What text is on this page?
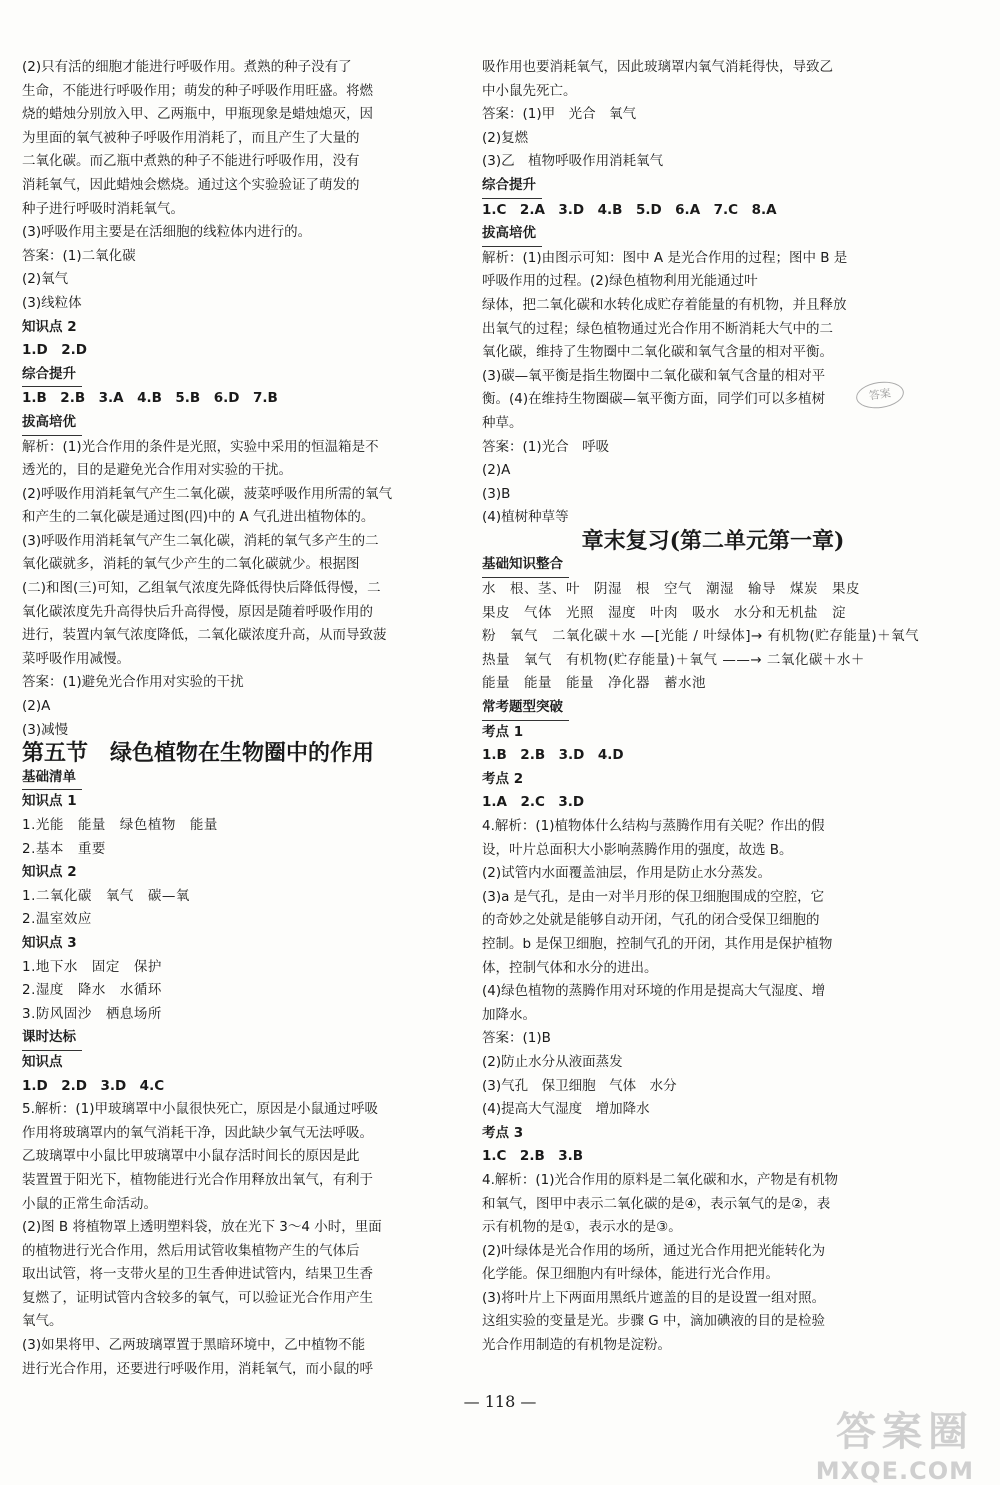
(2)只有活的细胞才能进行呼吸作用。煮熟的种子没有了
生命，不能进行呼吸作用；萌发的种子呼吸作用旺盛。将燃
烧的蜡烛分别放入甲、乙两瓶中，甲瓶现象是蜡烛熄灭，因
为里面的氧气被种子呼吸作用消耗了，而且产生了大量的
二氧化碳。而乙瓶中煮熟的种子不能进行呼吸作用，没有
消耗氧气，因此蜡烛会燃烧。通过这个实验验证了萌发的
种子进行呼吸时消耗氧气。
(3)呼吸作用主要是在活细胞的线粒体内进行的。
答案：(1)二氧化碳
(2)氧气
(3)线粒体
知识点 2
1.D　2.D
综合提升
1.B　2.B　3.A　4.B　5.B　6.D　7.B
拔高培优
解析：(1)光合作用的条件是光照，实验中采用的恒温箱是不
透光的，目的是避免光合作用对实验的干扰。
(2)呼吸作用消耗氧气产生二氧化碳，菠菜呼吸作用所需的氧气
和产生的二氧化碳是通过图(四)中的 A 气孔进出植物体的。
(3)呼吸作用消耗氧气产生二氧化碳，消耗的氧气多产生的二
氧化碳就多，消耗的氧气少产生的二氧化碳就少。根据图
(二)和图(三)可知，乙组氧气浓度先降低得快后降低得慢，二
氧化碳浓度先升高得快后升高得慢，原因是随着呼吸作用的
进行，装置内氧气浓度降低，二氧化碳浓度升高，从而导致菠
菜呼吸作用减慢。
答案：(1)避免光合作用对实验的干扰
(2)A
(3)减慢
第五节　绿色植物在生物圈中的作用
基础清单
知识点 1
1.光能　能量　绿色植物　能量
2.基本　重要
知识点 2
1.二氧化碳　氧气　碳—氧
2.温室效应
知识点 3
1.地下水　固定　保护
2.湿度　降水　水循环
3.防风固沙　栖息场所
课时达标
知识点
1.D　2.D　3.D　4.C
5.解析：(1)甲玻璃罩中小鼠很快死亡，原因是小鼠通过呼吸
作用将玻璃罩内的氧气消耗干净，因此缺少氧气无法呼吸。
乙玻璃罩中小鼠比甲玻璃罩中小鼠存活时间长的原因是此
装置置于阳光下，植物能进行光合作用释放出氧气，有利于
小鼠的正常生命活动。
(2)图 B 将植物罩上透明塑料袋，放在光下 3～4 小时，里面
的植物进行光合作用，然后用试管收集植物产生的气体后
取出试管，将一支带火星的卫生香伸进试管内，结果卫生香
复燃了，证明试管内含较多的氧气，可以验证光合作用产生
氧气。
(3)如果将甲、乙两玻璃罩置于黑暗环境中，乙中植物不能
进行光合作用，还要进行呼吸作用，消耗氧气，而小鼠的呼
吸作用也要消耗氧气，因此玻璃罩内氧气消耗得快，导致乙
中小鼠先死亡。
答案：(1)甲　光合　氧气
(2)复燃
(3)乙　植物呼吸作用消耗氧气
综合提升
1.C　2.A　3.D　4.B　5.D　6.A　7.C　8.A
拔高培优
解析：(1)由图示可知：图中 A 是光合作用的过程；图中 B 是
呼吸作用的过程。(2)绿色植物利用光能通过叶
绿体，把二氧化碳和水转化成贮存着能量的有机物，并且释放
出氧气的过程；绿色植物通过光合作用不断消耗大气中的二
氧化碳，维持了生物圈中二氧化碳和氧气含量的相对平衡。
(3)碳—氧平衡是指生物圈中二氧化碳和氧气含量的相对平
衡。(4)在维持生物圈碳—氧平衡方面，同学们可以多植树
种草。
答案：(1)光合　呼吸
(2)A
(3)B
(4)植树种草等
章末复习(第二单元第一章)
基础知识整合
水　根、茎、叶　阴湿　根　空气　潮湿　输导　煤炭　果皮
果皮　气体　光照　湿度　叶肉　吸水　水分和无机盐　淀
粉　氧气　二氧化碳＋水 —[光能 / 叶绿体]→ 有机物(贮存能量)＋氧气
热量　氧气　有机物(贮存能量)＋氧气 ——→ 二氧化碳＋水＋
能量　能量　能量　净化器　蓄水池
常考题型突破
考点 1
1.B　2.B　3.D　4.D
考点 2
1.A　2.C　3.D
4.解析：(1)植物体什么结构与蒸腾作用有关呢？作出的假
设，叶片总面积大小影响蒸腾作用的强度，故选 B。
(2)试管内水面覆盖油层，作用是防止水分蒸发。
(3)a 是气孔，是由一对半月形的保卫细胞围成的空腔，它
的奇妙之处就是能够自动开闭，气孔的闭合受保卫细胞的
控制。b 是保卫细胞，控制气孔的开闭，其作用是保护植物
体，控制气体和水分的进出。
(4)绿色植物的蒸腾作用对环境的作用是提高大气湿度、增
加降水。
答案：(1)B
(2)防止水分从液面蒸发
(3)气孔　保卫细胞　气体　水分
(4)提高大气湿度　增加降水
考点 3
1.C　2.B　3.B
4.解析：(1)光合作用的原料是二氧化碳和水，产物是有机物
和氧气，图甲中表示二氧化碳的是④，表示氧气的是②，表
示有机物的是①，表示水的是③。
(2)叶绿体是光合作用的场所，通过光合作用把光能转化为
化学能。保卫细胞内有叶绿体，能进行光合作用。
(3)将叶片上下两面用黑纸片遮盖的目的是设置一组对照。
这组实验的变量是光。步骤 G 中，滴加碘液的目的是检验
光合作用制造的有机物是淀粉。
答案
— 118 —
答案圈
MXQE.COM
